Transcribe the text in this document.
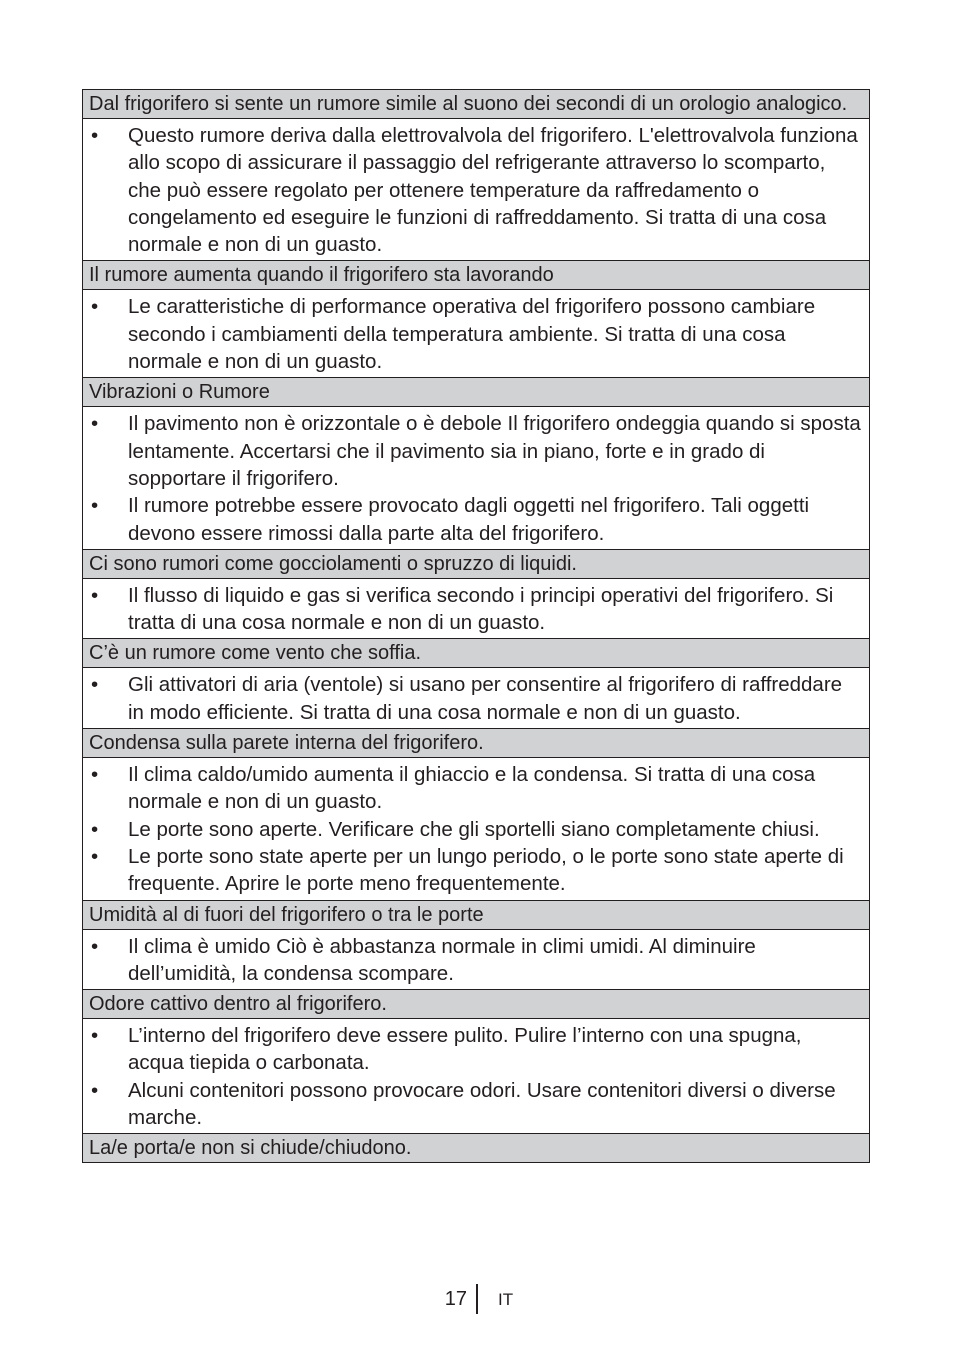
Dal frigorifero si sente un rumore simile al suono dei secondi di un orologio analogico.
•	Questo rumore deriva dalla elettrovalvola del frigorifero. L'elettrovalvola funziona allo scopo di assicurare il passaggio del refrigerante attraverso lo scomparto, che può essere regolato per ottenere temperature da raffredamento o congelamento ed eseguire le funzioni di raffreddamento. Si tratta di una cosa normale e non di un guasto.
Il rumore aumenta quando il frigorifero sta lavorando
•	Le caratteristiche di performance operativa del frigorifero possono cambiare secondo i cambiamenti della temperatura ambiente. Si tratta di una cosa normale e non di un guasto.
Vibrazioni o Rumore
•	Il pavimento non è orizzontale o è debole Il frigorifero ondeggia quando si sposta lentamente. Accertarsi che il pavimento sia in piano, forte e in grado di sopportare il frigorifero.
•	Il rumore potrebbe essere provocato dagli oggetti nel frigorifero. Tali oggetti devono essere rimossi dalla parte alta del frigorifero.
Ci sono rumori come gocciolamenti o spruzzo di liquidi.
•	Il flusso di liquido e gas si verifica secondo i principi operativi del frigorifero. Si tratta di una cosa normale e non di un guasto.
C’è un rumore come vento che soffia.
•	Gli attivatori di aria (ventole) si usano per consentire al frigorifero di raffreddare in modo efficiente. Si tratta di una cosa normale e non di un guasto.
Condensa sulla parete interna del frigorifero.
•	Il clima caldo/umido aumenta il ghiaccio e la condensa. Si tratta di una cosa normale e non di un guasto.
•	Le porte sono aperte. Verificare che gli sportelli siano completamente chiusi.
•	Le porte sono state aperte per un lungo periodo, o le porte sono state aperte di frequente. Aprire le porte meno frequentemente.
Umidità al di fuori del frigorifero o tra le porte
•	Il clima è umido Ciò è abbastanza normale in climi umidi. Al diminuire dell’umidità, la condensa scompare.
Odore cattivo dentro al frigorifero.
•	L’interno del frigorifero deve essere pulito. Pulire l’interno con una spugna, acqua tiepida o carbonata.
•	Alcuni contenitori possono provocare odori. Usare contenitori diversi o diverse marche.
La/e porta/e non si chiude/chiudono.
17 IT
